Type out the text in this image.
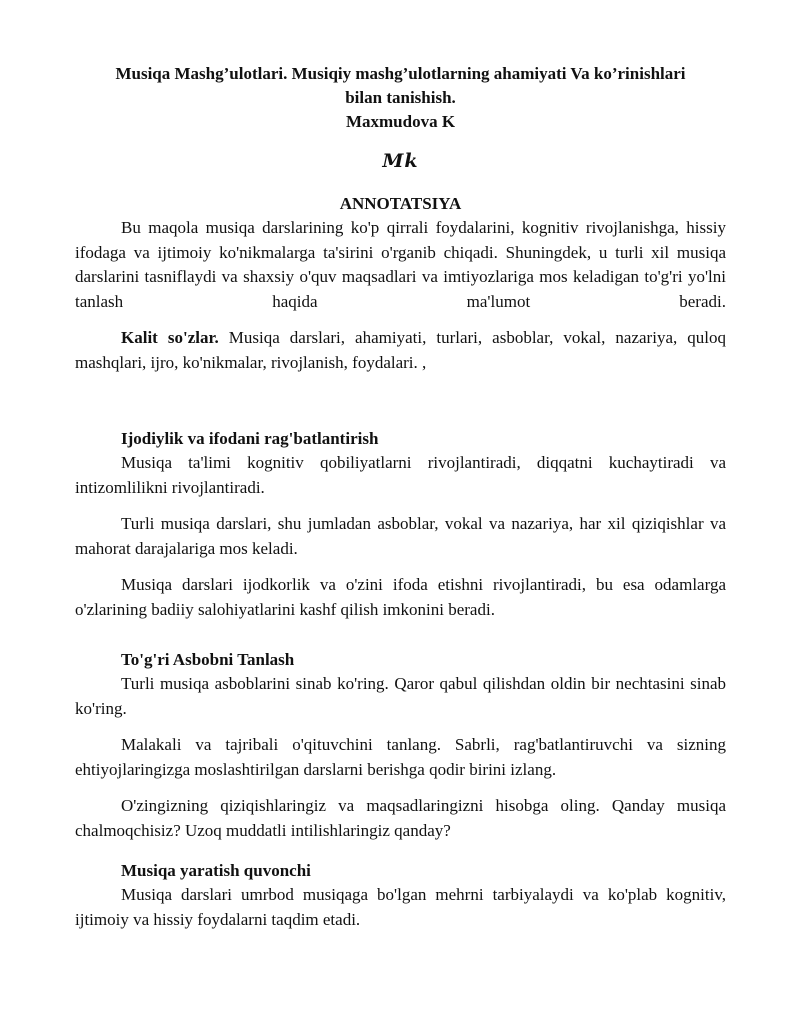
Musiqa Mashg’ulotlari. Musiqiy mashg’ulotlarning ahamiyati Va ko’rinishlari
bilan tanishish.
Maxmudova K
Mk
ANNOTATSIYA

Bu maqola musiqa darslarining ko'p qirrali foydalarini, kognitiv rivojlanishga, hissiy ifodaga va ijtimoiy ko'nikmalarga ta'sirini o'rganib chiqadi. Shuningdek, u turli xil musiqa darslarini tasniflaydi va shaxsiy o'quv maqsadlari va imtiyozlariga mos keladigan to'g'ri yo'lni tanlash haqida ma'lumot beradi.

Kalit so'zlar. Musiqa darslari, ahamiyati, turlari, asboblar, vokal, nazariya, quloq mashqlari, ijro, ko'nikmalar, rivojlanish, foydalari. ,

Ijodiylik va ifodani rag'batlantirish

Musiqa ta'limi kognitiv qobiliyatlarni rivojlantiradi, diqqatni kuchaytiradi va intizomlilikni rivojlantiradi.

Turli musiqa darslari, shu jumladan asboblar, vokal va nazariya, har xil qiziqishlar va mahorat darajalariga mos keladi.

Musiqa darslari ijodkorlik va o'zini ifoda etishni rivojlantiradi, bu esa odamlarga o'zlarining badiiy salohiyatlarini kashf qilish imkonini beradi.

To'g'ri Asbobni Tanlash

Turli musiqa asboblarini sinab ko'ring. Qaror qabul qilishdan oldin bir nechtasini sinab ko'ring.

Malakali va tajribali o'qituvchini tanlang. Sabrli, rag'batlantiruvchi va sizning ehtiyojlaringizga moslashtirilgan darslarni berishga qodir birini izlang.

O'zingizning qiziqishlaringiz va maqsadlaringizni hisobga oling. Qanday musiqa chalmoqchisiz? Uzoq muddatli intilishlaringiz qanday?

Musiqa yaratish quvonchi

Musiqa darslari umrbod musiqaga bo'lgan mehrni tarbiyalaydi va ko'plab kognitiv, ijtimoiy va hissiy foydalarni taqdim etadi.
